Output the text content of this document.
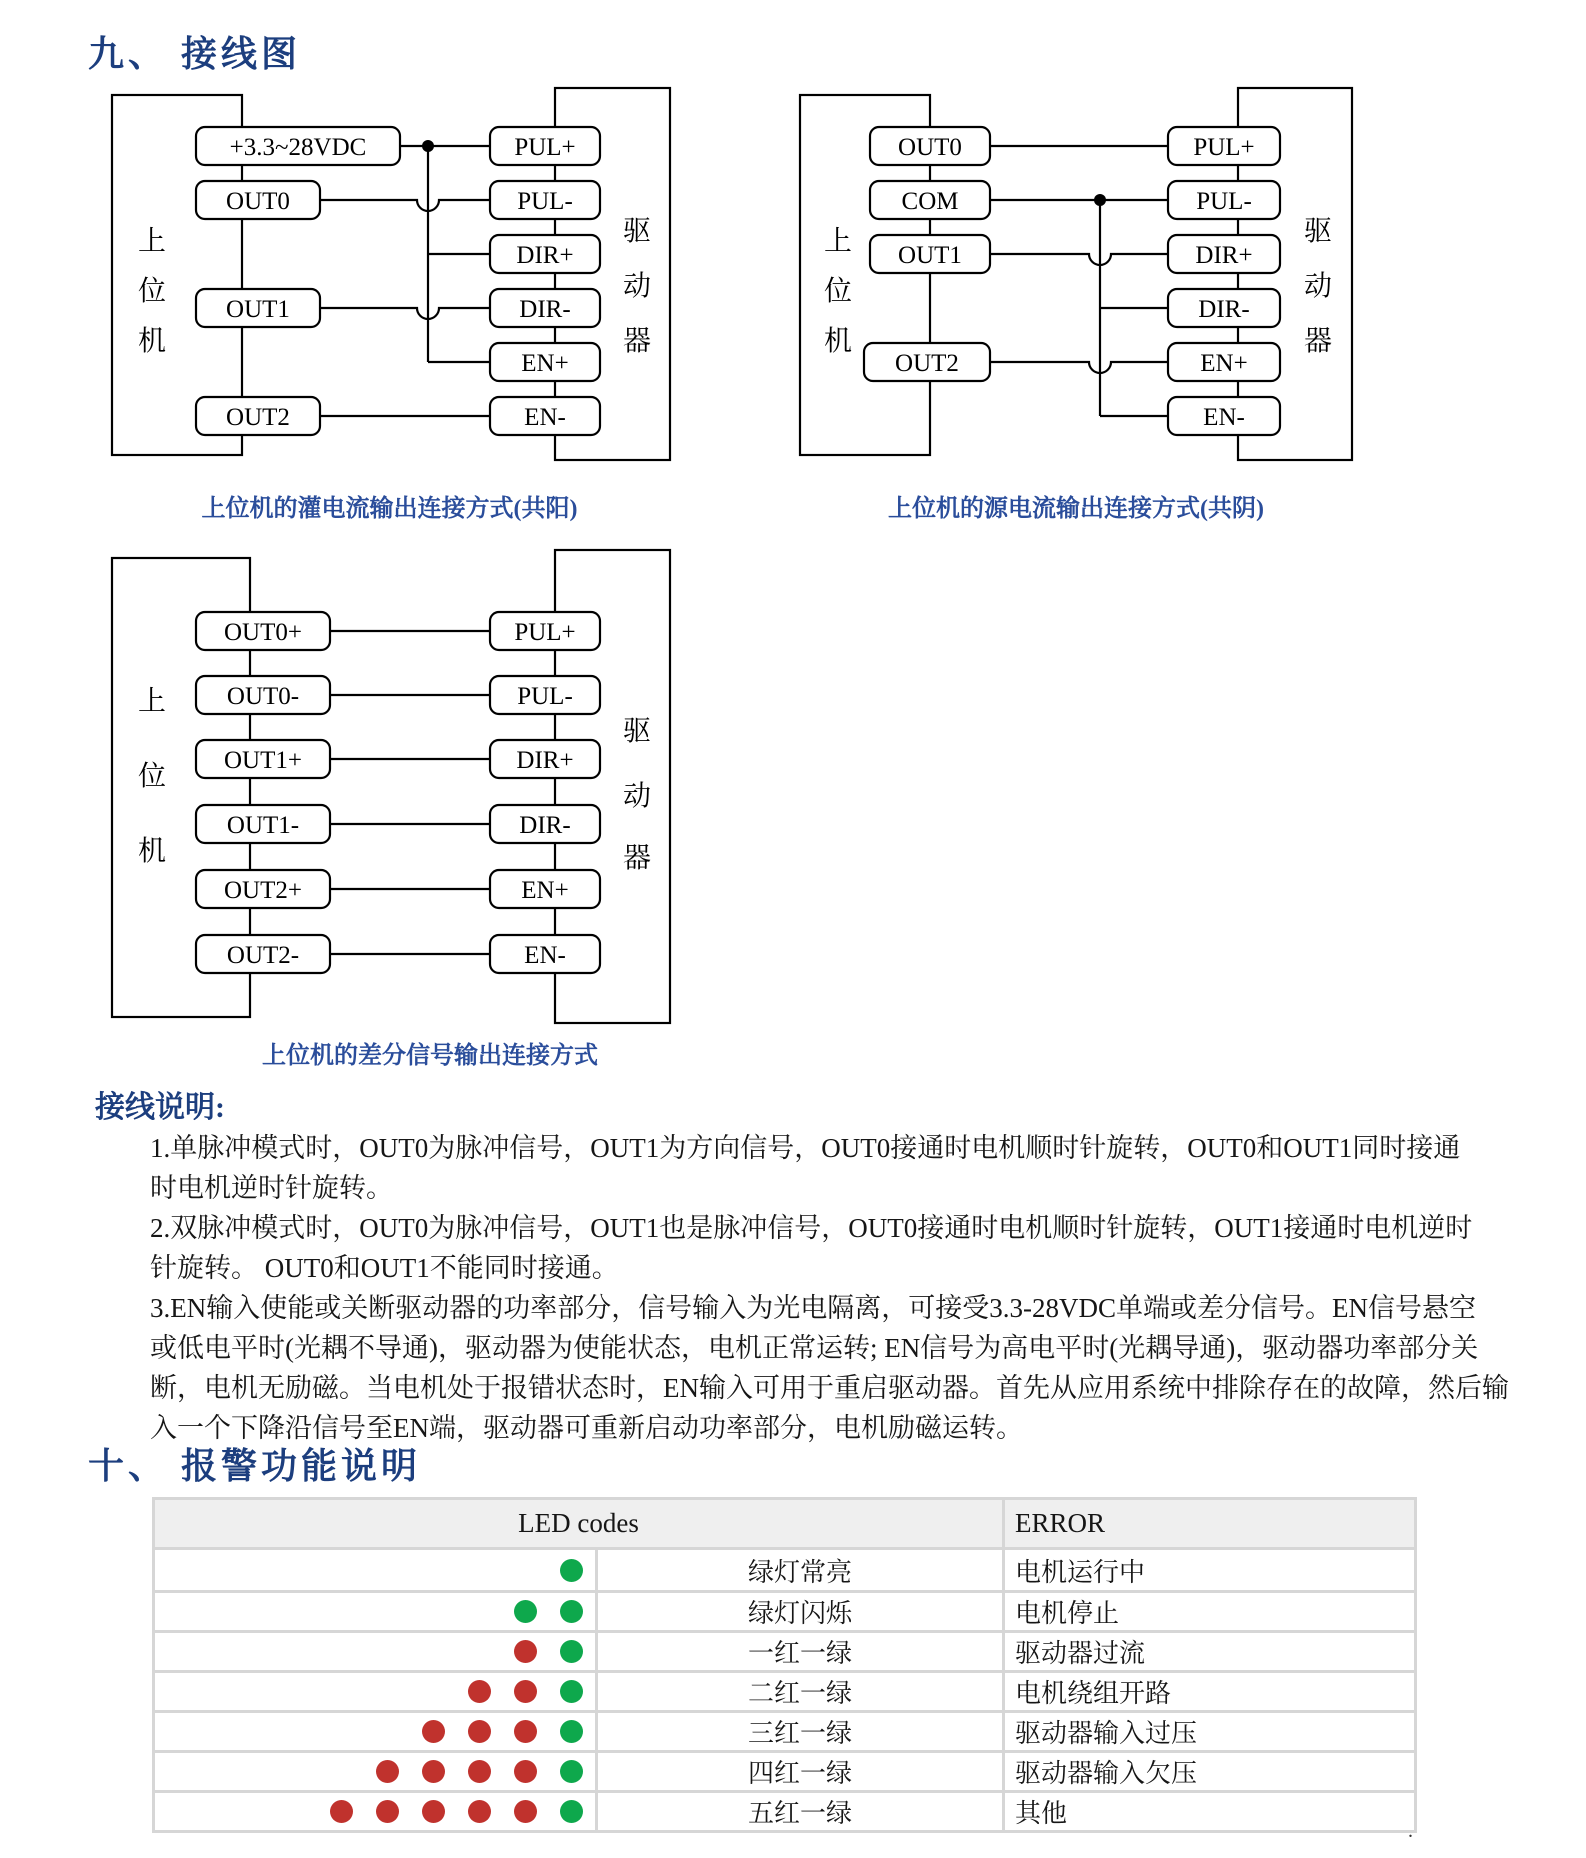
九、 接线图
+3.3~28VDC
OUT0
OUT1
OUT2
PUL+
PUL-
DIR+
DIR-
EN+
EN-
上
位
机
驱
动
器
上位机的灌电流输出连接方式(共阳)
OUT0
COM
OUT1
OUT2
PUL+
PUL-
DIR+
DIR-
EN+
EN-
上
位
机
驱
动
器
上位机的源电流输出连接方式(共阴)
OUT0+
OUT0-
OUT1+
OUT1-
OUT2+
OUT2-
PUL+
PUL-
DIR+
DIR-
EN+
EN-
上
位
机
驱
动
器
上位机的差分信号输出连接方式
接线说明:
1.单脉冲模式时，OUT0为脉冲信号，OUT1为方向信号，OUT0接通时电机顺时针旋转，OUT0和OUT1同时接通
时电机逆时针旋转。
2.双脉冲模式时，OUT0为脉冲信号，OUT1也是脉冲信号，OUT0接通时电机顺时针旋转，OUT1接通时电机逆时
针旋转。 OUT0和OUT1不能同时接通。
3.EN输入使能或关断驱动器的功率部分，信号输入为光电隔离，可接受3.3-28VDC单端或差分信号。EN信号悬空
或低电平时(光耦不导通)，驱动器为使能状态，电机正常运转; EN信号为高电平时(光耦导通)，驱动器功率部分关
断，电机无励磁。当电机处于报错状态时，EN输入可用于重启驱动器。首先从应用系统中排除存在的故障，然后输
入一个下降沿信号至EN端，驱动器可重新启动功率部分，电机励磁运转。
十、 报警功能说明
LED codes	ERROR
绿灯常亮	电机运行中
绿灯闪烁	电机停止
一红一绿	驱动器过流
二红一绿	电机绕组开路
三红一绿	驱动器输入过压
四红一绿	驱动器输入欠压
五红一绿	其他
.
